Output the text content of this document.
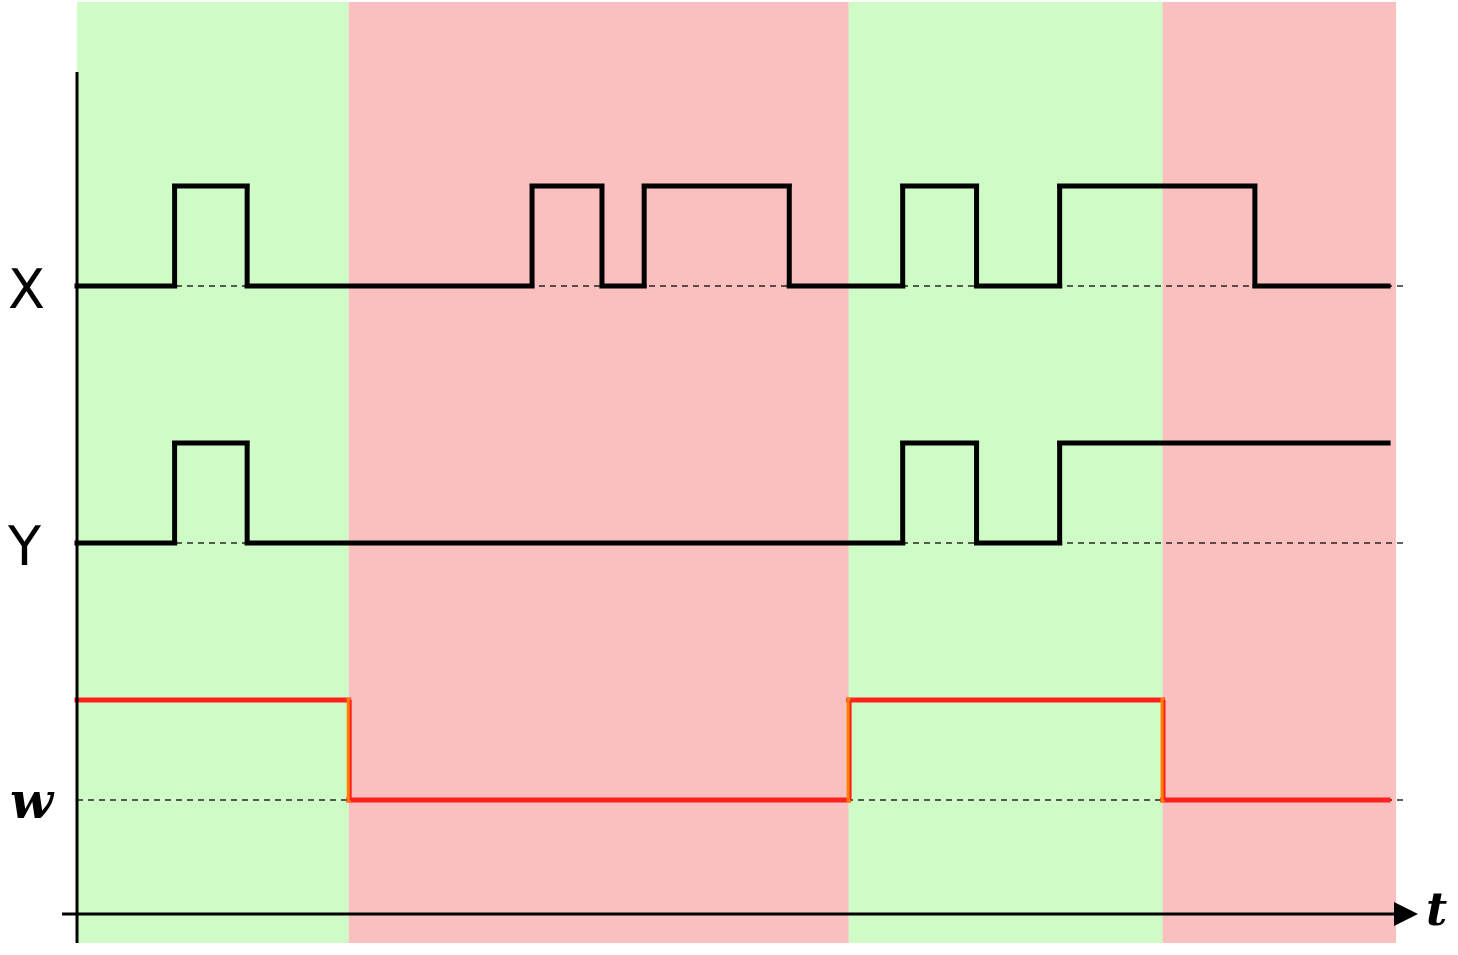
t
X
Y
w
